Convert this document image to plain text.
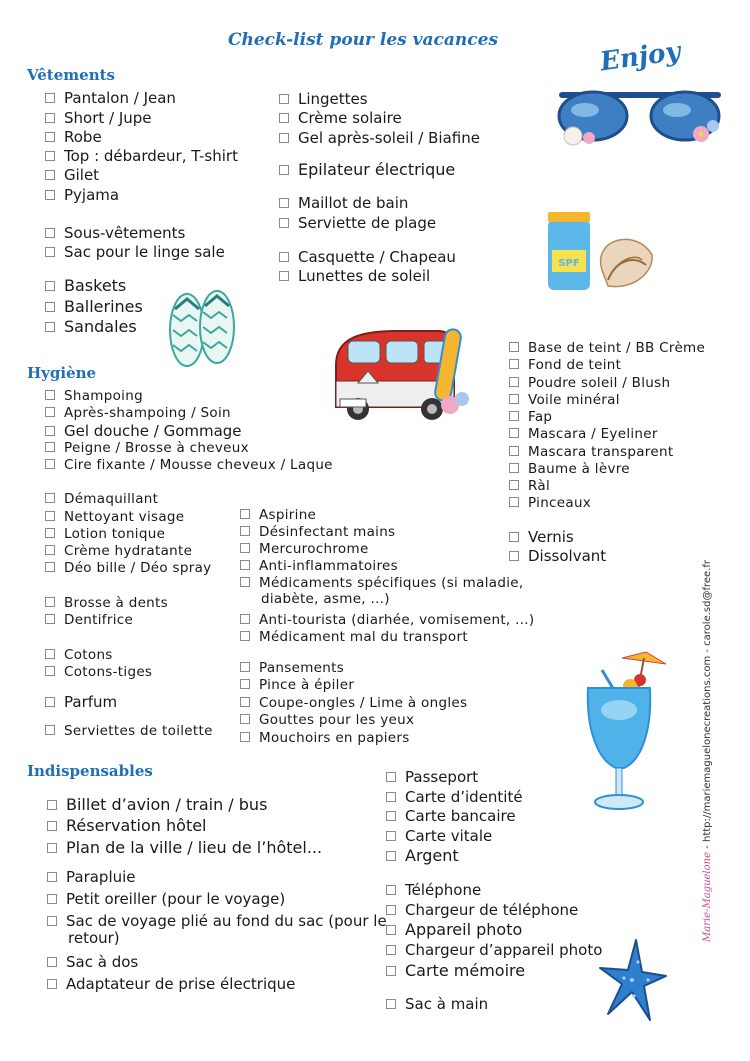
Check-list pour les vacances
Vêtements
Pantalon / Jean
Short / Jupe
Robe
Top : débardeur, T-shirt
Gilet
Pyjama
Sous-vêtements
Sac pour le linge sale
Baskets
Ballerines
Sandales
Lingettes
Crème solaire
Gel après-soleil / Biafine
Epilateur électrique
Maillot de bain
Serviette de plage
Casquette / Chapeau
Lunettes de soleil
Hygiène
Shampoing
Après-shampoing / Soin
Gel douche / Gommage
Peigne / Brosse à cheveux
Cire fixante / Mousse cheveux / Laque
Démaquillant
Nettoyant visage
Lotion tonique
Crème hydratante
Déo bille / Déo spray
Brosse à dents
Dentifrice
Cotons
Cotons-tiges
Parfum
Serviettes de toilette
Aspirine
Désinfectant mains
Mercurochrome
Anti-inflammatoires
Médicaments spécifiques (si maladie, diabète, asme, ...)
Anti-tourista (diarhée, vomisement, ...)
Médicament mal du transport
Pansements
Pince à épiler
Coupe-ongles / Lime à ongles
Gouttes pour les yeux
Mouchoirs en papiers
Base de teint / BB Crème
Fond de teint
Poudre soleil / Blush
Voile minéral
Fap
Mascara / Eyeliner
Mascara transparent
Baume à lèvre
Ràl
Pinceaux
Vernis
Dissolvant
Indispensables
Billet d’avion / train / bus
Réservation hôtel
Plan de la ville / lieu de l’hôtel...
Parapluie
Petit oreiller (pour le voyage)
Sac de voyage plié au fond du sac (pour le retour)
Sac à dos
Adaptateur de prise électrique
Passeport
Carte d’identité
Carte bancaire
Carte vitale
Argent
Téléphone
Chargeur de téléphone
Appareil photo
Chargeur d’appareil photo
Carte mémoire
Sac à main
Enjoy
SPF
Marie-Maguelone - http://mariemaguelonecreations.com - carole.sd@free.fr
